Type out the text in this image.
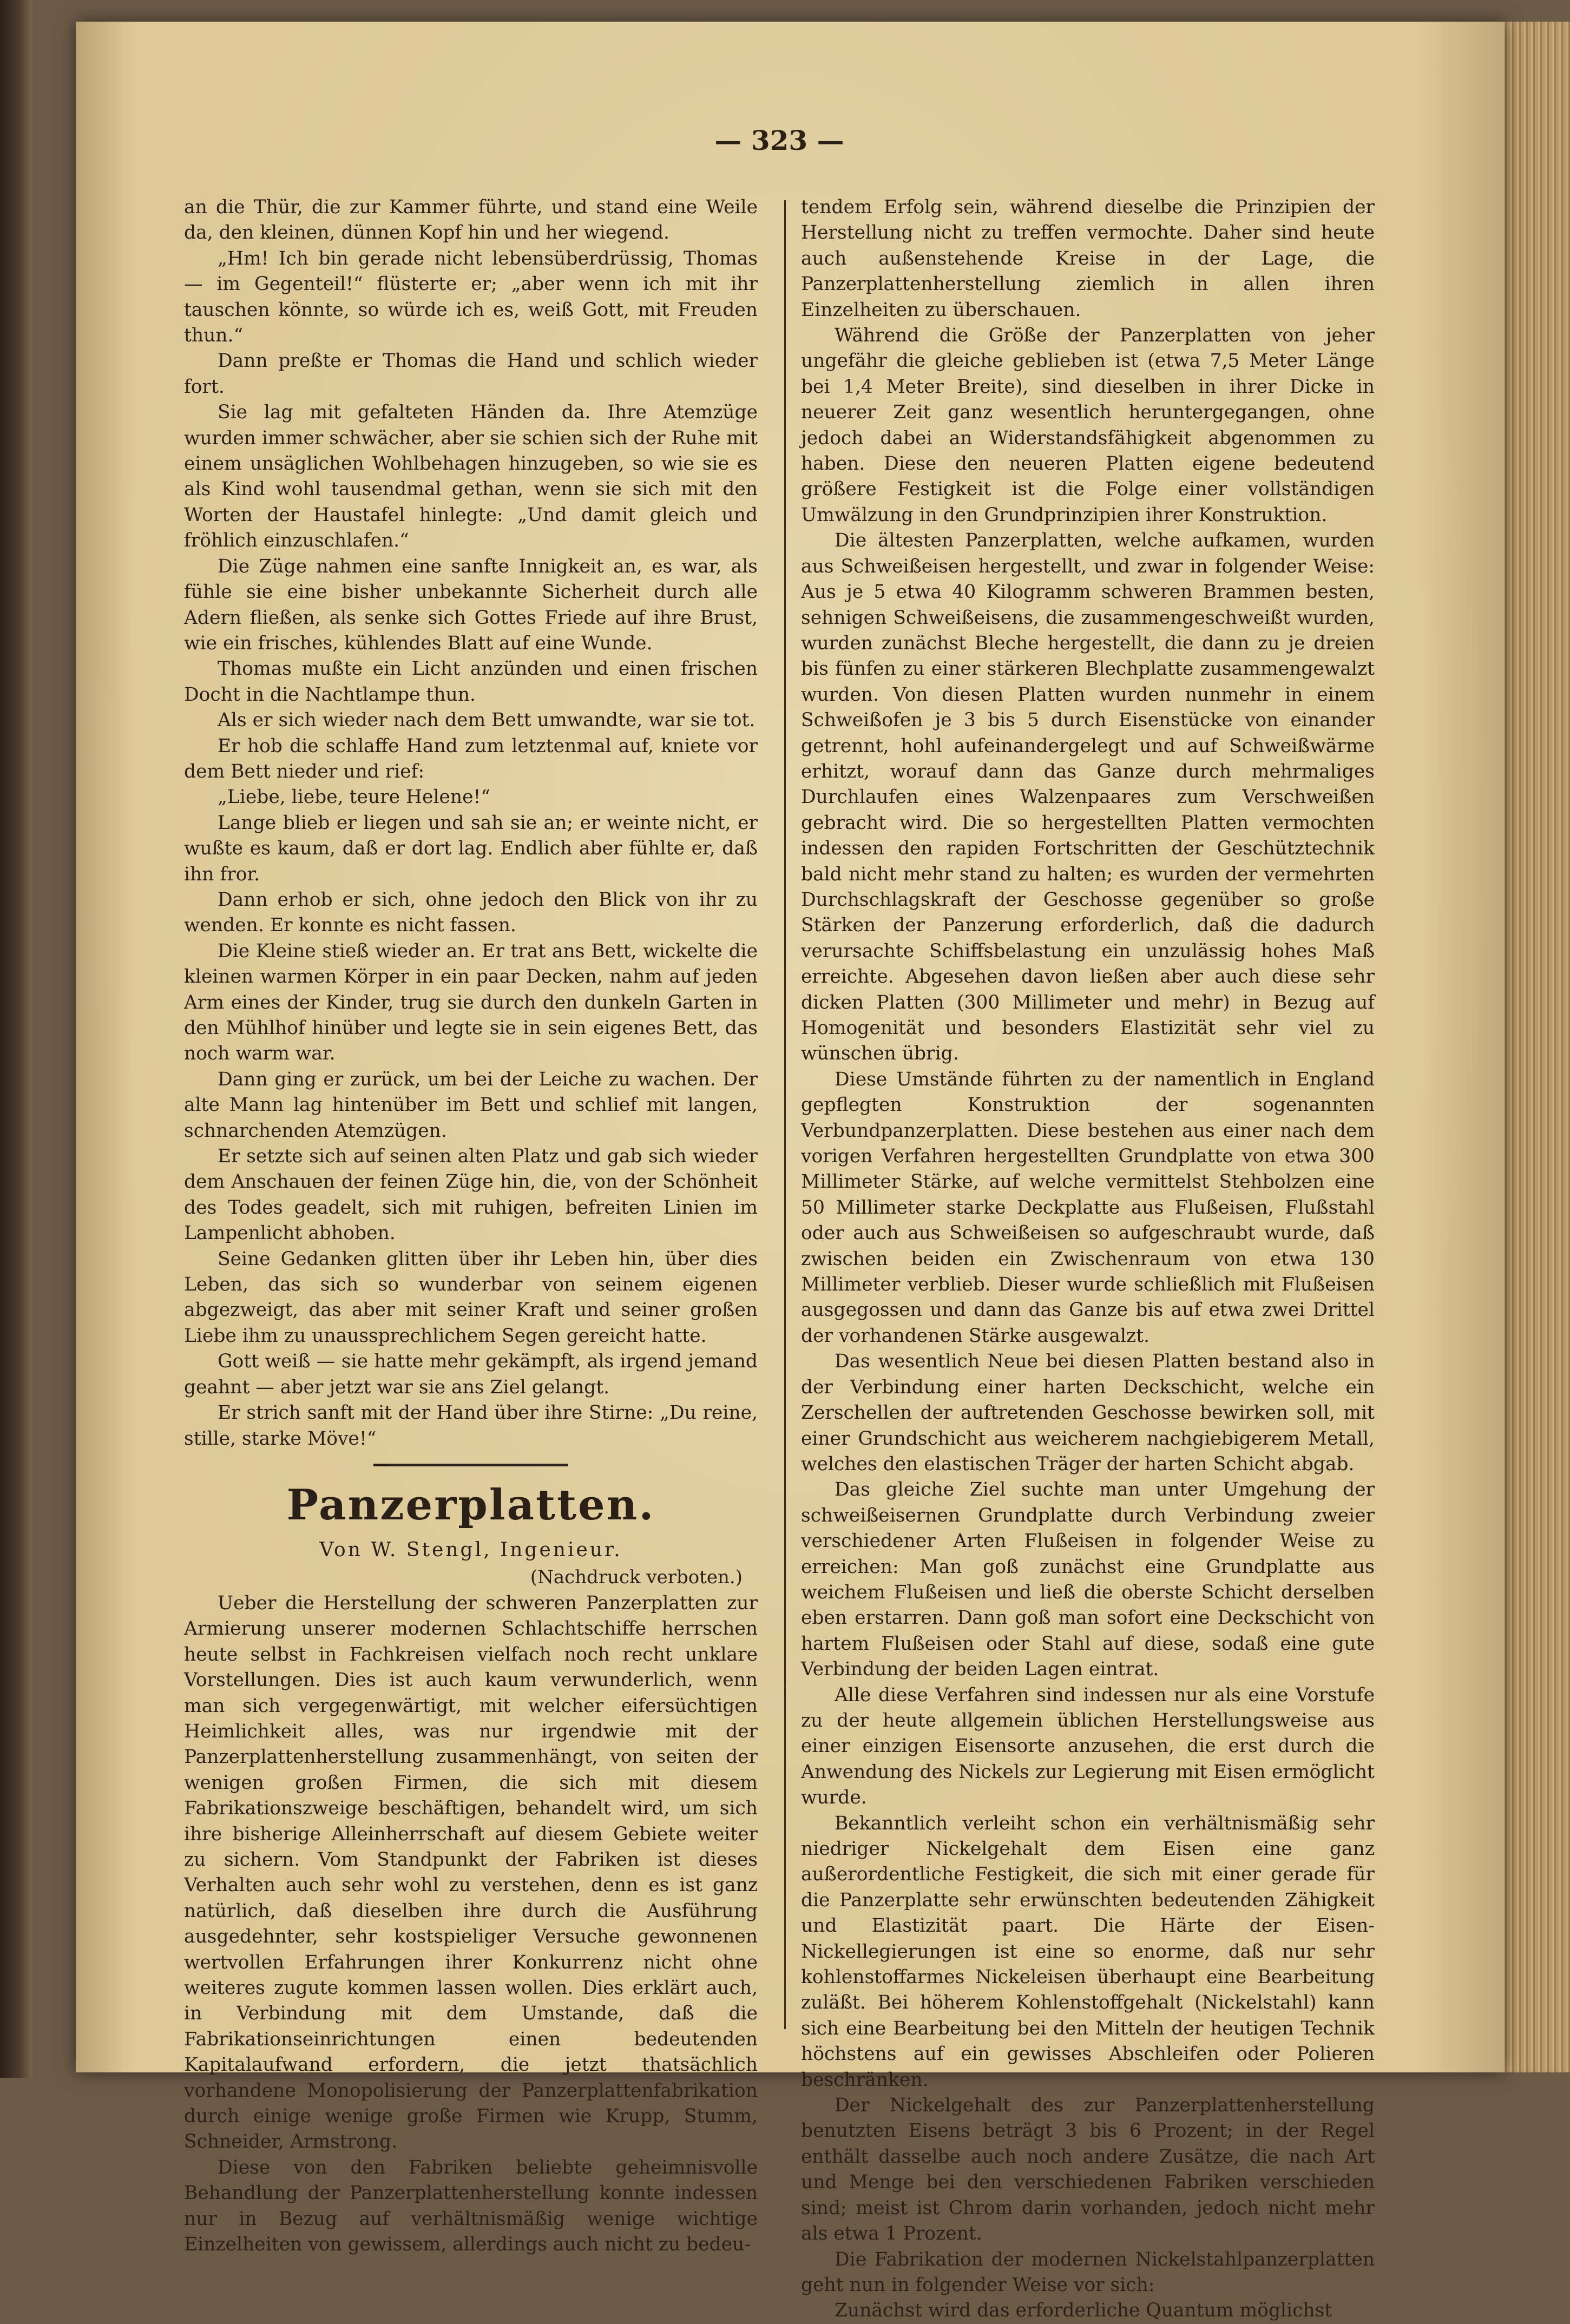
— 323 —

an die Thür, die zur Kammer führte, und stand eine Weile da, den kleinen, dünnen Kopf hin und her wiegend.

„Hm! Ich bin gerade nicht lebensüberdrüssig, Thomas — im Gegenteil!“ flüsterte er; „aber wenn ich mit ihr tauschen könnte, so würde ich es, weiß Gott, mit Freuden thun.“

Dann preßte er Thomas die Hand und schlich wieder fort.

Sie lag mit gefalteten Händen da. Ihre Atemzüge wurden immer schwächer, aber sie schien sich der Ruhe mit einem unsäglichen Wohlbehagen hinzugeben, so wie sie es als Kind wohl tausendmal gethan, wenn sie sich mit den Worten der Haustafel hinlegte: „Und damit gleich und fröhlich einzuschlafen.“

Die Züge nahmen eine sanfte Innigkeit an, es war, als fühle sie eine bisher unbekannte Sicherheit durch alle Adern fließen, als senke sich Gottes Friede auf ihre Brust, wie ein frisches, kühlendes Blatt auf eine Wunde.

Thomas mußte ein Licht anzünden und einen frischen Docht in die Nachtlampe thun.

Als er sich wieder nach dem Bett umwandte, war sie tot.

Er hob die schlaffe Hand zum letztenmal auf, kniete vor dem Bett nieder und rief:

„Liebe, liebe, teure Helene!“

Lange blieb er liegen und sah sie an; er weinte nicht, er wußte es kaum, daß er dort lag. Endlich aber fühlte er, daß ihn fror.

Dann erhob er sich, ohne jedoch den Blick von ihr zu wenden. Er konnte es nicht fassen.

Die Kleine stieß wieder an. Er trat ans Bett, wickelte die kleinen warmen Körper in ein paar Decken, nahm auf jeden Arm eines der Kinder, trug sie durch den dunkeln Garten in den Mühlhof hinüber und legte sie in sein eigenes Bett, das noch warm war.

Dann ging er zurück, um bei der Leiche zu wachen. Der alte Mann lag hintenüber im Bett und schlief mit langen, schnarchenden Atemzügen.

Er setzte sich auf seinen alten Platz und gab sich wieder dem Anschauen der feinen Züge hin, die, von der Schönheit des Todes geadelt, sich mit ruhigen, befreiten Linien im Lampenlicht abhoben.

Seine Gedanken glitten über ihr Leben hin, über dies Leben, das sich so wunderbar von seinem eigenen abgezweigt, das aber mit seiner Kraft und seiner großen Liebe ihm zu unaussprechlichem Segen gereicht hatte.

Gott weiß — sie hatte mehr gekämpft, als irgend jemand geahnt — aber jetzt war sie ans Ziel gelangt.

Er strich sanft mit der Hand über ihre Stirne: „Du reine, stille, starke Möve!“

Panzerplatten.
Von W. Stengl, Ingenieur.
(Nachdruck verboten.)

Ueber die Herstellung der schweren Panzerplatten zur Armierung unserer modernen Schlachtschiffe herrschen heute selbst in Fachkreisen vielfach noch recht unklare Vorstellungen. Dies ist auch kaum verwunderlich, wenn man sich vergegenwärtigt, mit welcher eifersüchtigen Heimlichkeit alles, was nur irgendwie mit der Panzerplattenherstellung zusammenhängt, von seiten der wenigen großen Firmen, die sich mit diesem Fabrikationszweige beschäftigen, behandelt wird, um sich ihre bisherige Alleinherrschaft auf diesem Gebiete weiter zu sichern. Vom Standpunkt der Fabriken ist dieses Verhalten auch sehr wohl zu verstehen, denn es ist ganz natürlich, daß dieselben ihre durch die Ausführung ausgedehnter, sehr kostspieliger Versuche gewonnenen wertvollen Erfahrungen ihrer Konkurrenz nicht ohne weiteres zugute kommen lassen wollen. Dies erklärt auch, in Verbindung mit dem Umstande, daß die Fabrikationseinrichtungen einen bedeutenden Kapitalaufwand erfordern, die jetzt thatsächlich vorhandene Monopolisierung der Panzerplattenfabrikation durch einige wenige große Firmen wie Krupp, Stumm, Schneider, Armstrong.

Diese von den Fabriken beliebte geheimnisvolle Behandlung der Panzerplattenherstellung konnte indessen nur in Bezug auf verhältnismäßig wenige wichtige Einzelheiten von gewissem, allerdings auch nicht zu bedeu-

tendem Erfolg sein, während dieselbe die Prinzipien der Herstellung nicht zu treffen vermochte. Daher sind heute auch außenstehende Kreise in der Lage, die Panzerplattenherstellung ziemlich in allen ihren Einzelheiten zu überschauen.

Während die Größe der Panzerplatten von jeher ungefähr die gleiche geblieben ist (etwa 7,5 Meter Länge bei 1,4 Meter Breite), sind dieselben in ihrer Dicke in neuerer Zeit ganz wesentlich heruntergegangen, ohne jedoch dabei an Widerstandsfähigkeit abgenommen zu haben. Diese den neueren Platten eigene bedeutend größere Festigkeit ist die Folge einer vollständigen Umwälzung in den Grundprinzipien ihrer Konstruktion.

Die ältesten Panzerplatten, welche aufkamen, wurden aus Schweißeisen hergestellt, und zwar in folgender Weise: Aus je 5 etwa 40 Kilogramm schweren Brammen besten, sehnigen Schweißeisens, die zusammengeschweißt wurden, wurden zunächst Bleche hergestellt, die dann zu je dreien bis fünfen zu einer stärkeren Blechplatte zusammengewalzt wurden. Von diesen Platten wurden nunmehr in einem Schweißofen je 3 bis 5 durch Eisenstücke von einander getrennt, hohl aufeinandergelegt und auf Schweißwärme erhitzt, worauf dann das Ganze durch mehrmaliges Durchlaufen eines Walzenpaares zum Verschweißen gebracht wird. Die so hergestellten Platten vermochten indessen den rapiden Fortschritten der Geschütztechnik bald nicht mehr stand zu halten; es wurden der vermehrten Durchschlagskraft der Geschosse gegenüber so große Stärken der Panzerung erforderlich, daß die dadurch verursachte Schiffsbelastung ein unzulässig hohes Maß erreichte. Abgesehen davon ließen aber auch diese sehr dicken Platten (300 Millimeter und mehr) in Bezug auf Homogenität und besonders Elastizität sehr viel zu wünschen übrig.

Diese Umstände führten zu der namentlich in England gepflegten Konstruktion der sogenannten Verbundpanzerplatten. Diese bestehen aus einer nach dem vorigen Verfahren hergestellten Grundplatte von etwa 300 Millimeter Stärke, auf welche vermittelst Stehbolzen eine 50 Millimeter starke Deckplatte aus Flußeisen, Flußstahl oder auch aus Schweißeisen so aufgeschraubt wurde, daß zwischen beiden ein Zwischenraum von etwa 130 Millimeter verblieb. Dieser wurde schließlich mit Flußeisen ausgegossen und dann das Ganze bis auf etwa zwei Drittel der vorhandenen Stärke ausgewalzt.

Das wesentlich Neue bei diesen Platten bestand also in der Verbindung einer harten Deckschicht, welche ein Zerschellen der auftretenden Geschosse bewirken soll, mit einer Grundschicht aus weicherem nachgiebigerem Metall, welches den elastischen Träger der harten Schicht abgab.

Das gleiche Ziel suchte man unter Umgehung der schweißeisernen Grundplatte durch Verbindung zweier verschiedener Arten Flußeisen in folgender Weise zu erreichen: Man goß zunächst eine Grundplatte aus weichem Flußeisen und ließ die oberste Schicht derselben eben erstarren. Dann goß man sofort eine Deckschicht von hartem Flußeisen oder Stahl auf diese, sodaß eine gute Verbindung der beiden Lagen eintrat.

Alle diese Verfahren sind indessen nur als eine Vorstufe zu der heute allgemein üblichen Herstellungsweise aus einer einzigen Eisensorte anzusehen, die erst durch die Anwendung des Nickels zur Legierung mit Eisen ermöglicht wurde.

Bekanntlich verleiht schon ein verhältnismäßig sehr niedriger Nickelgehalt dem Eisen eine ganz außerordentliche Festigkeit, die sich mit einer gerade für die Panzerplatte sehr erwünschten bedeutenden Zähigkeit und Elastizität paart. Die Härte der Eisen-Nickellegierungen ist eine so enorme, daß nur sehr kohlenstoffarmes Nickeleisen überhaupt eine Bearbeitung zuläßt. Bei höherem Kohlenstoffgehalt (Nickelstahl) kann sich eine Bearbeitung bei den Mitteln der heutigen Technik höchstens auf ein gewisses Abschleifen oder Polieren beschränken.

Der Nickelgehalt des zur Panzerplattenherstellung benutzten Eisens beträgt 3 bis 6 Prozent; in der Regel enthält dasselbe auch noch andere Zusätze, die nach Art und Menge bei den verschiedenen Fabriken verschieden sind; meist ist Chrom darin vorhanden, jedoch nicht mehr als etwa 1 Prozent.

Die Fabrikation der modernen Nickelstahlpanzerplatten geht nun in folgender Weise vor sich:

Zunächst wird das erforderliche Quantum möglichst
